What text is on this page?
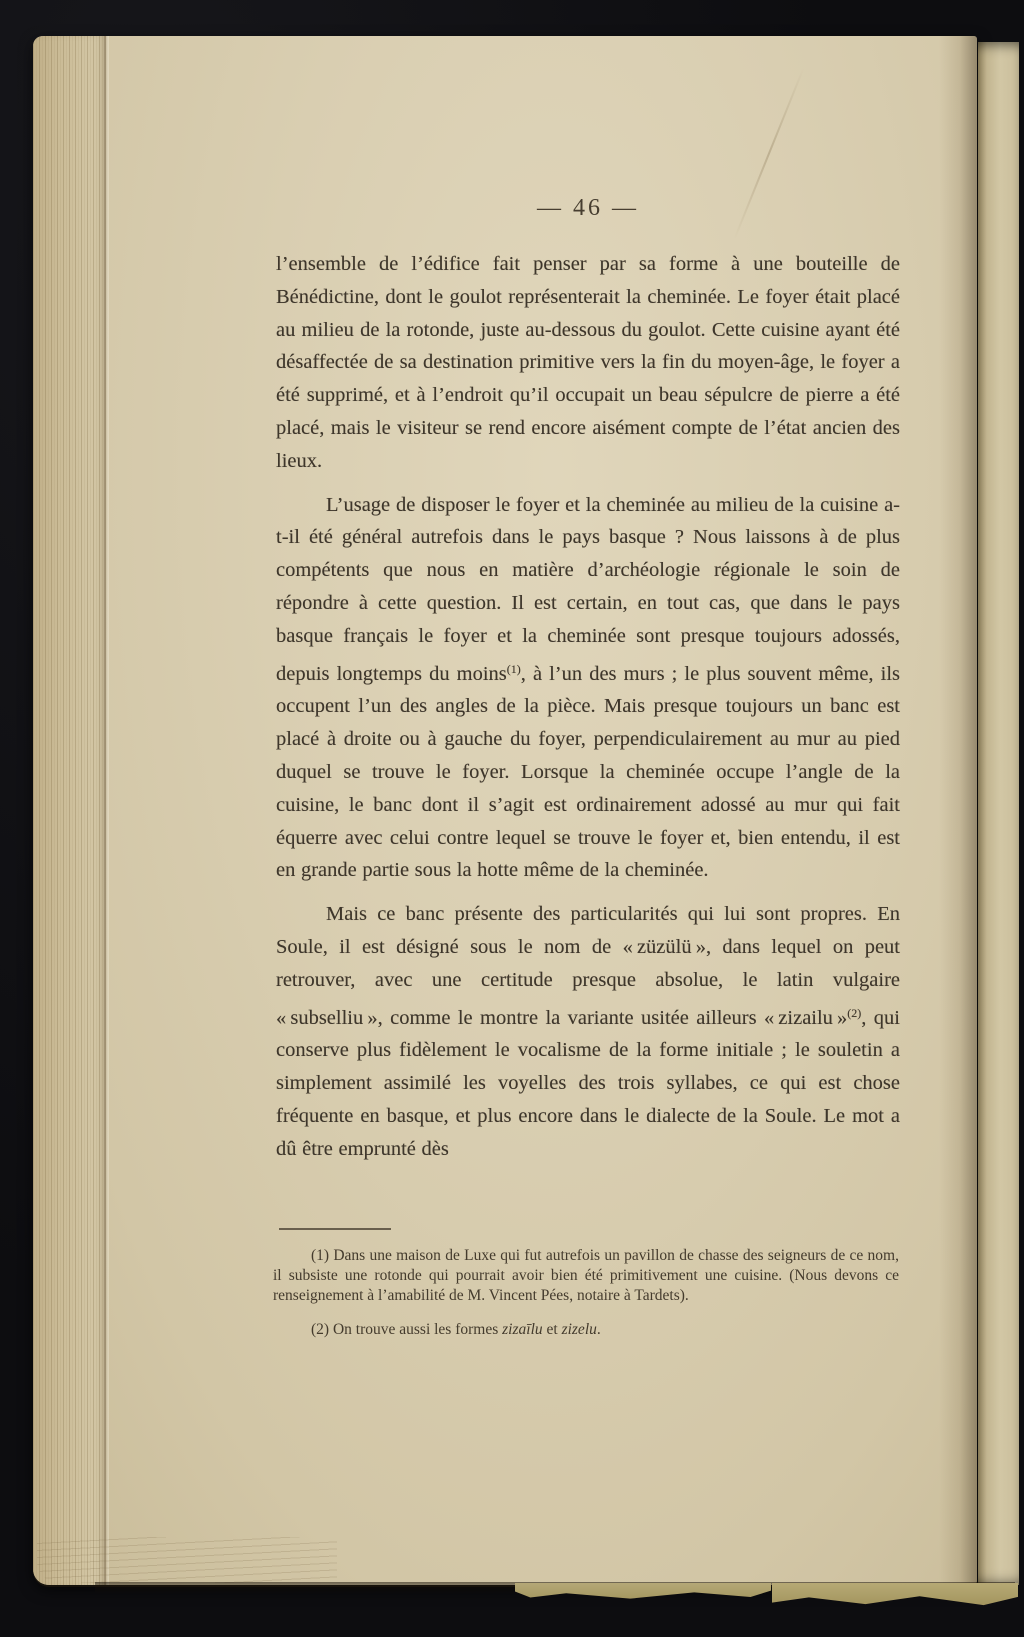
— 46 —

l’ensemble de l’édifice fait penser par sa forme à une bouteille de Bénédictine, dont le goulot représenterait la cheminée. Le foyer était placé au milieu de la rotonde, juste au-dessous du goulot. Cette cuisine ayant été désaffectée de sa destination primitive vers la fin du moyen-âge, le foyer a été supprimé, et à l’endroit qu’il occupait un beau sépulcre de pierre a été placé, mais le visiteur se rend encore aisément compte de l’état ancien des lieux.

L’usage de disposer le foyer et la cheminée au milieu de la cuisine a-t-il été général autrefois dans le pays basque ? Nous laissons à de plus compétents que nous en matière d’archéologie régionale le soin de répondre à cette question. Il est certain, en tout cas, que dans le pays basque français le foyer et la cheminée sont presque toujours adossés, depuis longtemps du moins$^{(1)}$, à l’un des murs ; le plus souvent même, ils occupent l’un des angles de la pièce. Mais presque toujours un banc est placé à droite ou à gauche du foyer, perpendiculairement au mur au pied duquel se trouve le foyer. Lorsque la cheminée occupe l’angle de la cuisine, le banc dont il s’agit est ordinairement adossé au mur qui fait équerre avec celui contre lequel se trouve le foyer et, bien entendu, il est en grande partie sous la hotte même de la cheminée.

Mais ce banc présente des particularités qui lui sont propres. En Soule, il est désigné sous le nom de « züzülü », dans lequel on peut retrouver, avec une certitude presque absolue, le latin vulgaire « subselliu », comme le montre la variante usitée ailleurs « zizailu »$^{(2)}$, qui conserve plus fidèlement le vocalisme de la forme initiale ; le souletin a simplement assimilé les voyelles des trois syllabes, ce qui est chose fréquente en basque, et plus encore dans le dialecte de la Soule. Le mot a dû être emprunté dès

(1) Dans une maison de Luxe qui fut autrefois un pavillon de chasse des seigneurs de ce nom, il subsiste une rotonde qui pourrait avoir bien été primitivement une cuisine. (Nous devons ce renseignement à l’amabilité de M. Vincent Pées, notaire à Tardets).

(2) On trouve aussi les formes zizaīlu et zizelu.
